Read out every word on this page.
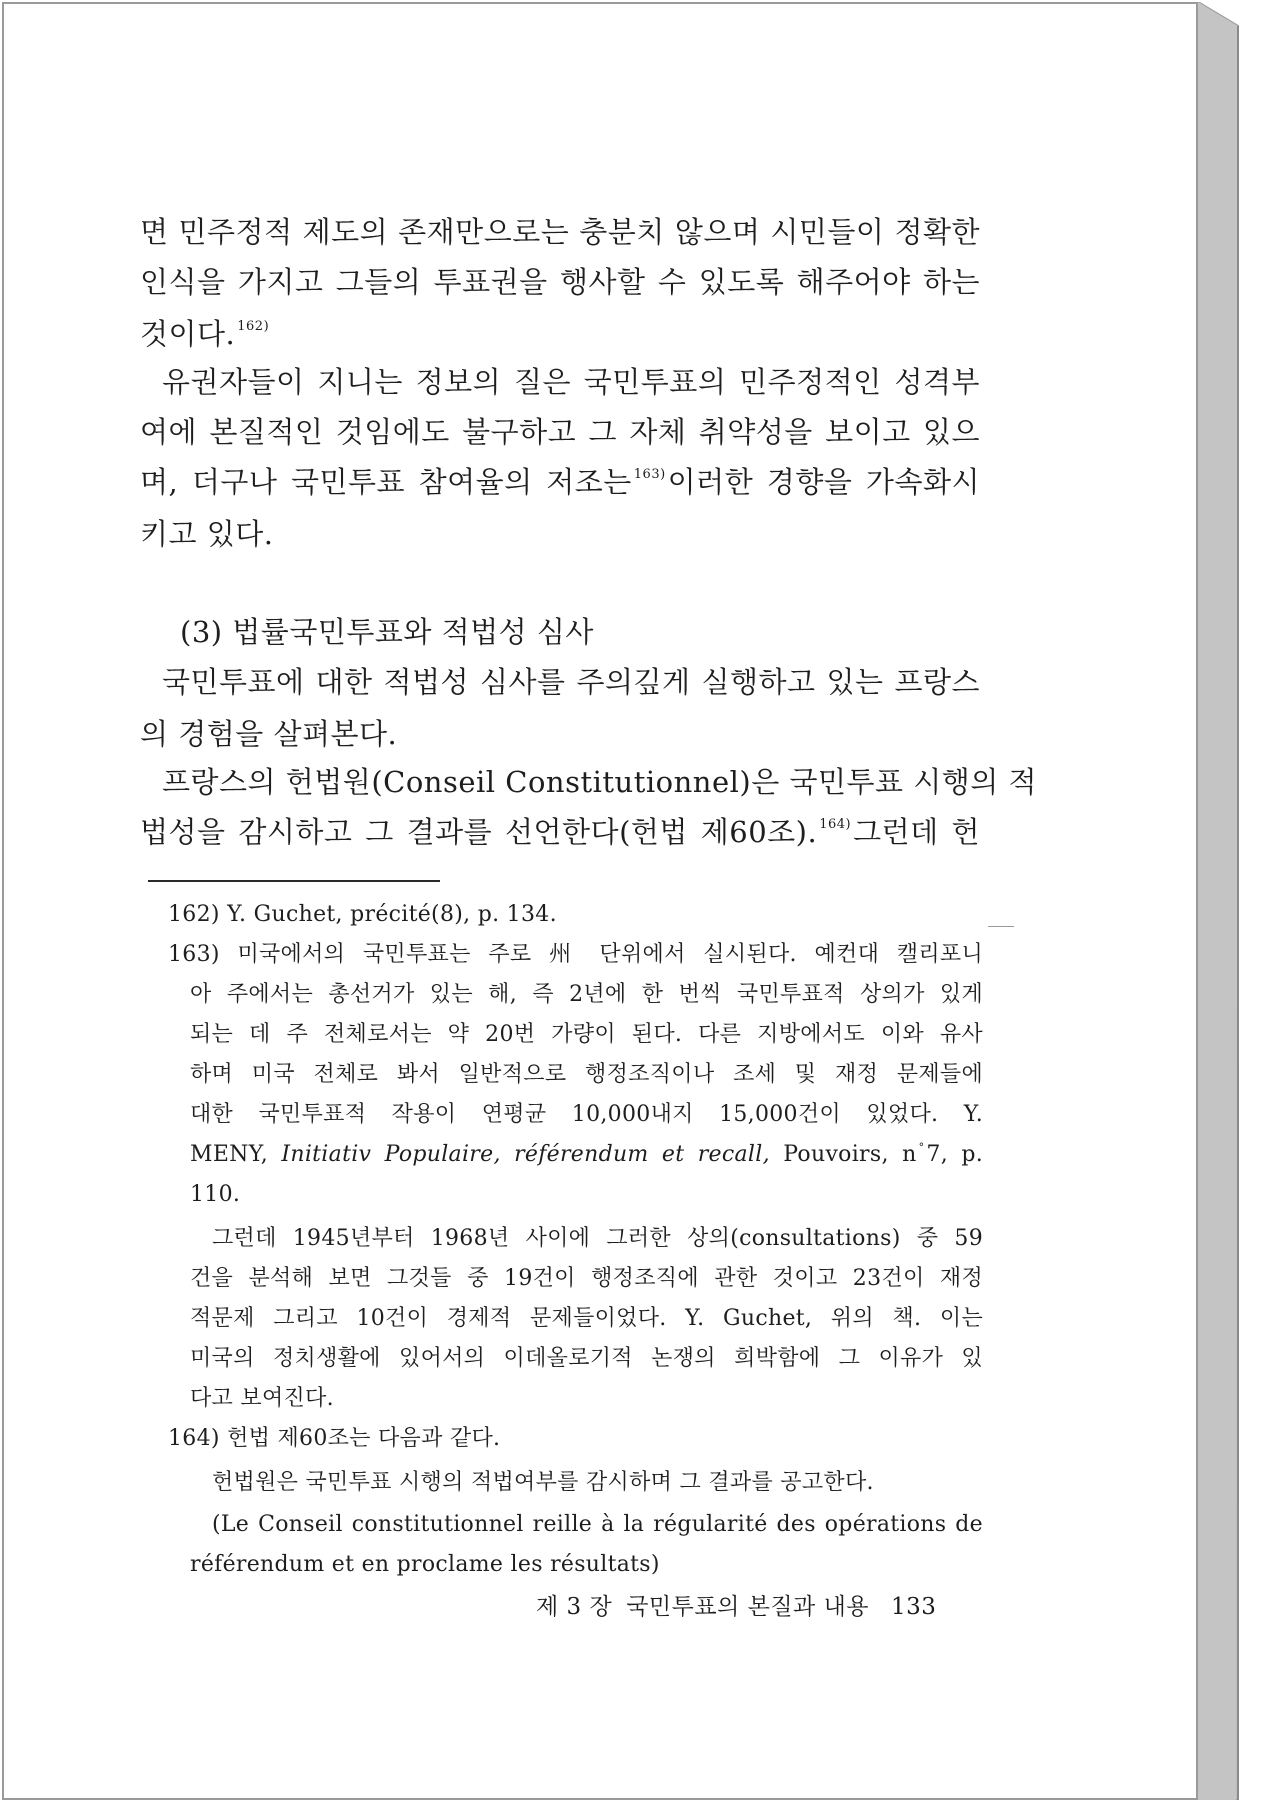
면 민주정적 제도의 존재만으로는 충분치 않으며 시민들이 정확한
인식을 가지고 그들의 투표권을 행사할 수 있도록 해주어야 하는
것이다. $^{162)}$
유권자들이 지니는 정보의 질은 국민투표의 민주정적인 성격부
여에 본질적인 것임에도 불구하고 그 자체 취약성을 보이고 있으
며, 더구나 국민투표 참여율의 저조는 $^{163)}$이러한 경향을 가속화시
키고 있다.
(3) 법률국민투표와 적법성 심사
국민투표에 대한 적법성 심사를 주의깊게 실행하고 있는 프랑스
의 경험을 살펴본다.
프랑스의 헌법원(Conseil Constitutionnel)은 국민투표 시행의 적
법성을 감시하고 그 결과를 선언한다(헌법 제60조). $^{164)}$그런데 헌
162) Y. Guchet, précité(8), p. 134.
163) 미국에서의 국민투표는 주로 州 단위에서 실시된다. 예컨대 캘리포니
아 주에서는 총선거가 있는 해, 즉 2년에 한 번씩 국민투표적 상의가 있게
되는 데 주 전체로서는 약 20번 가량이 된다. 다른 지방에서도 이와 유사
하며 미국 전체로 봐서 일반적으로 행정조직이나 조세 및 재정 문제들에
대한 국민투표적 작용이 연평균 10,000내지 15,000건이 있었다. Y.
MENY, Initiativ Populaire, référendum et recall, Pouvoirs, n °7, p.
110.
그런데 1945년부터 1968년 사이에 그러한 상의(consultations) 중 59
건을 분석해 보면 그것들 중 19건이 행정조직에 관한 것이고 23건이 재정
적문제 그리고 10건이 경제적 문제들이었다. Y. Guchet, 위의 책. 이는
미국의 정치생활에 있어서의 이데올로기적 논쟁의 희박함에 그 이유가 있
다고 보여진다.
164) 헌법 제60조는 다음과 같다.
헌법원은 국민투표 시행의 적법여부를 감시하며 그 결과를 공고한다.
(Le Conseil constitutionnel reille à la régularité des opérations de
référendum et en proclame les résultats)
제 3 장 국민투표의 본질과 내용 133
